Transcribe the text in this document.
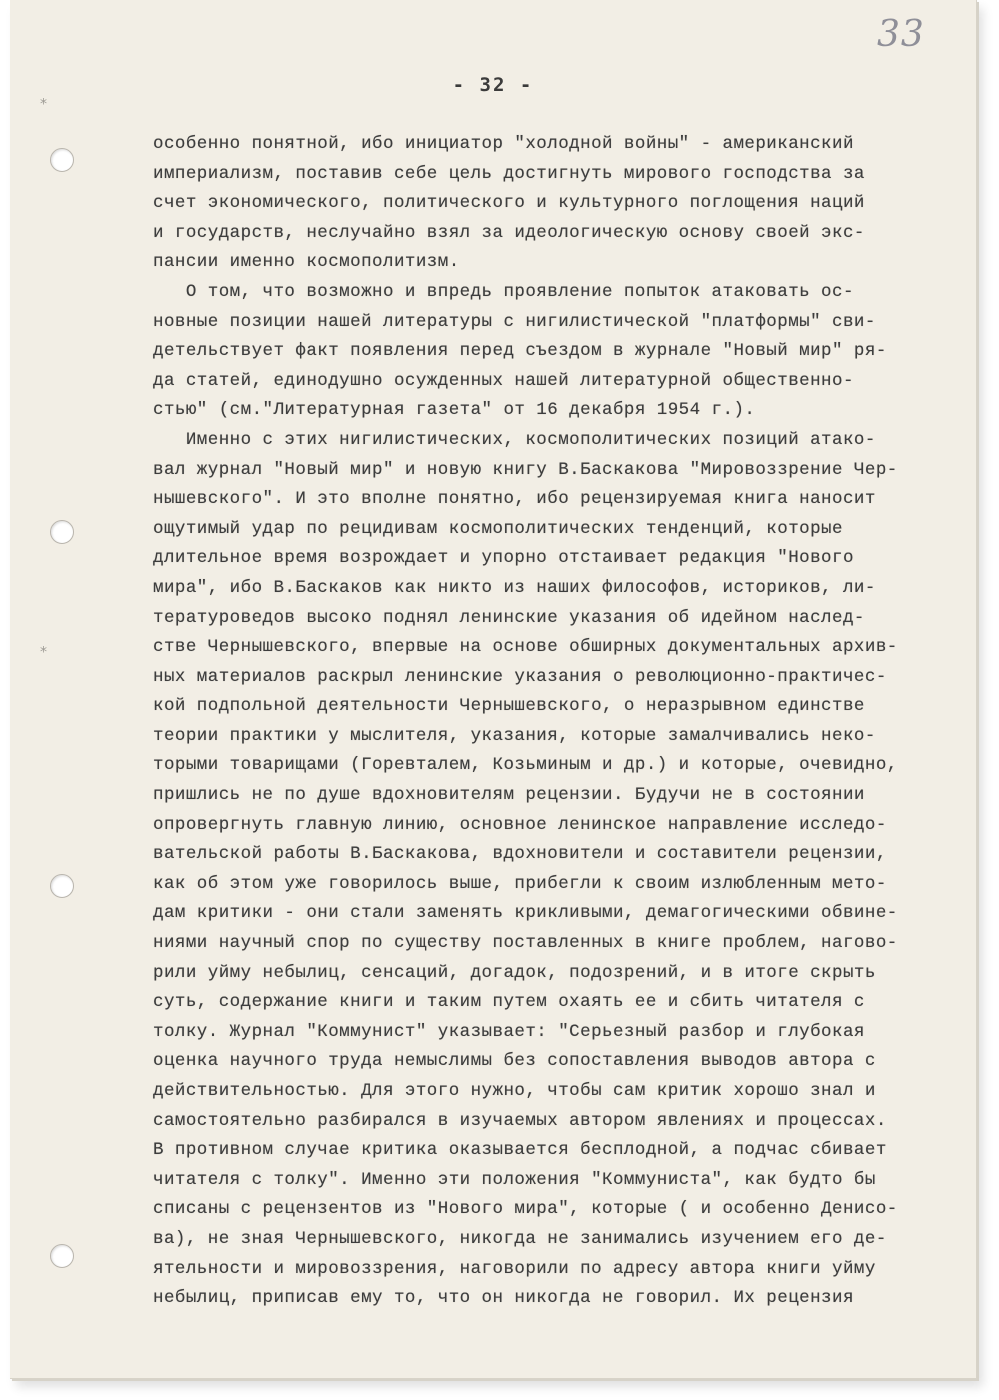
⁎
⁎
33
- 32 -
особенно понятной, ибо инициатор "холодной войны" - американский
империализм, поставив себе цель достигнуть мирового господства за
счет экономического, политического и культурного поглощения наций
и государств, неслучайно взял за идеологическую основу своей экс-
пансии именно космополитизм.
О том, что возможно и впредь проявление попыток атаковать ос-
новные позиции нашей литературы с нигилистической "платформы" сви-
детельствует факт появления перед съездом в журнале "Новый мир" ря-
да статей, единодушно осужденных нашей литературной общественно-
стью" (см."Литературная газета" от 16 декабря 1954 г.).
Именно с этих нигилистических, космополитических позиций атако-
вал журнал "Новый мир" и новую книгу В.Баскакова "Мировоззрение Чер-
нышевского". И это вполне понятно, ибо рецензируемая книга наносит
ощутимый удар по рецидивам космополитических тенденций, которые
длительное время возрождает и упорно отстаивает редакция "Нового
мира", ибо В.Баскаков как никто из наших философов, историков, ли-
тературоведов высоко поднял ленинские указания об идейном наслед-
стве Чернышевского, впервые на основе обширных документальных архив-
ных материалов раскрыл ленинские указания о революционно-практичес-
кой подпольной деятельности Чернышевского, о неразрывном единстве
теории практики у мыслителя, указания, которые замалчивались неко-
торыми товарищами (Горевталем, Козьминым и др.) и которые, очевидно,
пришлись не по душе вдохновителям рецензии. Будучи не в состоянии
опровергнуть главную линию, основное ленинское направление исследо-
вательской работы В.Баскакова, вдохновители и составители рецензии,
как об этом уже говорилось выше, прибегли к своим излюбленным мето-
дам критики - они стали заменять крикливыми, демагогическими обвине-
ниями научный спор по существу поставленных в книге проблем, нагово-
рили уйму небылиц, сенсаций, догадок, подозрений, и в итоге скрыть
суть, содержание книги и таким путем охаять ее и сбить читателя с
толку. Журнал "Коммунист" указывает: "Серьезный разбор и глубокая
оценка научного труда немыслимы без сопоставления выводов автора с
действительностью. Для этого нужно, чтобы сам критик хорошо знал и
самостоятельно разбирался в изучаемых автором явлениях и процессах.
В противном случае критика оказывается бесплодной, а подчас сбивает
читателя с толку". Именно эти положения "Коммуниста", как будто бы
списаны с рецензентов из "Нового мира", которые ( и особенно Денисо-
ва), не зная Чернышевского, никогда не занимались изучением его де-
ятельности и мировоззрения, наговорили по адресу автора книги уйму
небылиц, приписав ему то, что он никогда не говорил. Их рецензия
